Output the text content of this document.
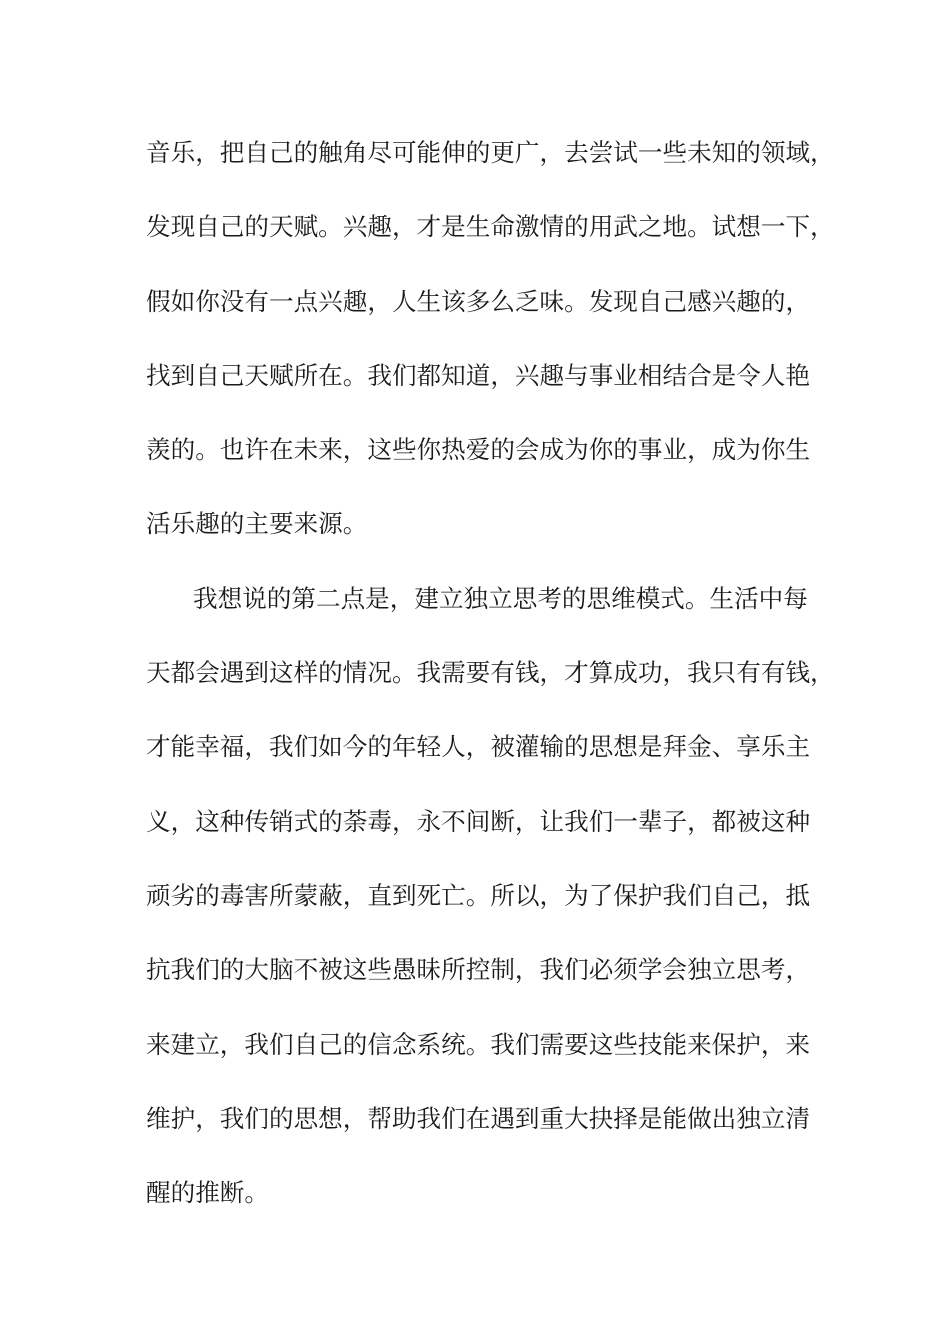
音乐，把自己的触角尽可能伸的更广，去尝试一些未知的领域，
发现自己的天赋。兴趣，才是生命激情的用武之地。试想一下，
假如你没有一点兴趣，人生该多么乏味。发现自己感兴趣的，
找到自己天赋所在。我们都知道，兴趣与事业相结合是令人艳
羡的。也许在未来，这些你热爱的会成为你的事业，成为你生
活乐趣的主要来源。
我想说的第二点是，建立独立思考的思维模式。生活中每
天都会遇到这样的情况。我需要有钱，才算成功，我只有有钱，
才能幸福，我们如今的年轻人，被灌输的思想是拜金、享乐主
义，这种传销式的荼毒，永不间断，让我们一辈子，都被这种
顽劣的毒害所蒙蔽，直到死亡。所以，为了保护我们自己，抵
抗我们的大脑不被这些愚昧所控制，我们必须学会独立思考，
来建立，我们自己的信念系统。我们需要这些技能来保护，来
维护，我们的思想，帮助我们在遇到重大抉择是能做出独立清
醒的推断。
